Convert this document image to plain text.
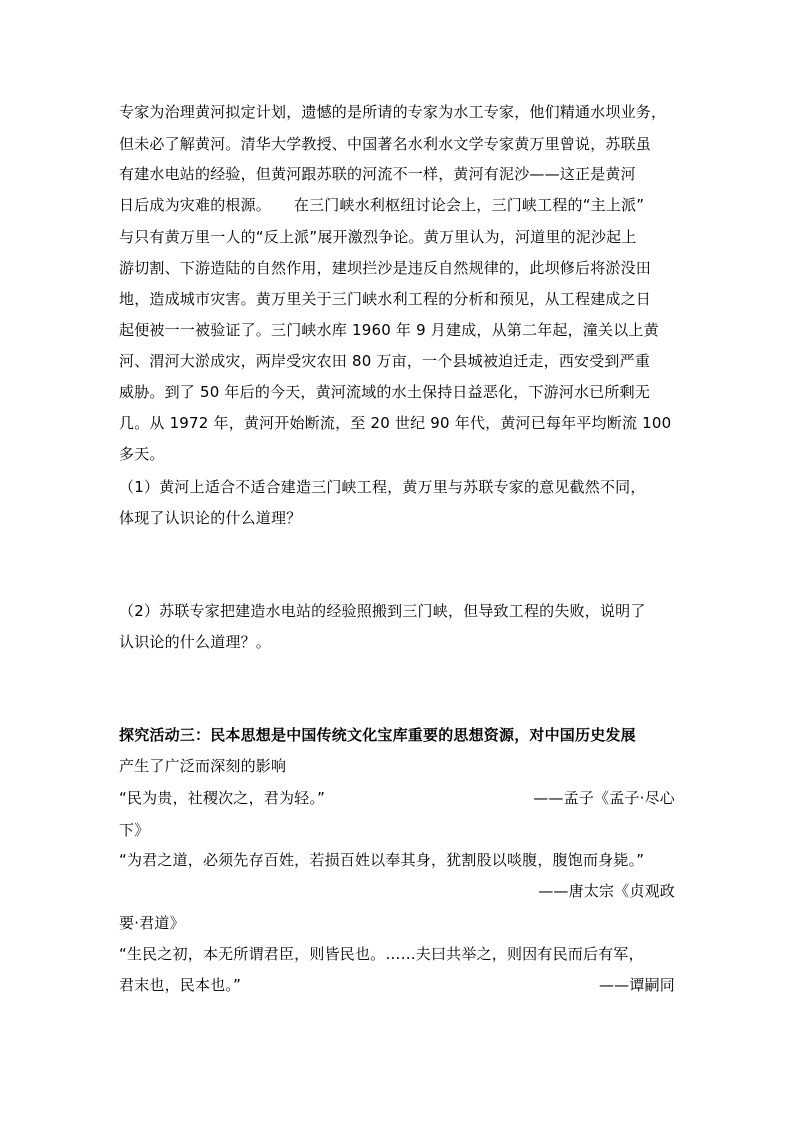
专家为治理黄河拟定计划，遗憾的是所请的专家为水工专家，他们精通水坝业务，
但未必了解黄河。清华大学教授、中国著名水利水文学专家黄万里曾说，苏联虽
有建水电站的经验，但黄河跟苏联的河流不一样，黄河有泥沙——这正是黄河
日后成为灾难的根源。　　在三门峡水利枢纽讨论会上，三门峡工程的“主上派”
与只有黄万里一人的“反上派”展开激烈争论。黄万里认为，河道里的泥沙起上
游切割、下游造陆的自然作用，建坝拦沙是违反自然规律的，此坝修后将淤没田
地，造成城市灾害。黄万里关于三门峡水利工程的分析和预见，从工程建成之日
起便被一一被验证了。三门峡水库 1960 年 9 月建成，从第二年起，潼关以上黄
河、渭河大淤成灾，两岸受灾农田 80 万亩，一个县城被迫迁走，西安受到严重
威胁。到了 50 年后的今天，黄河流域的水土保持日益恶化，下游河水已所剩无
几。从 1972 年，黄河开始断流，至 20 世纪 90 年代，黄河已每年平均断流 100
多天。
（1）黄河上适合不适合建造三门峡工程，黄万里与苏联专家的意见截然不同，
体现了认识论的什么道理？
（2）苏联专家把建造水电站的经验照搬到三门峡，但导致工程的失败，说明了
认识论的什么道理？。
探究活动三：民本思想是中国传统文化宝库重要的思想资源，对中国历史发展
产生了广泛而深刻的影响
“民为贵，社稷次之，君为轻。”	——孟子《孟子·尽心
下》
“为君之道，必须先存百姓，若损百姓以奉其身，犹割股以啖腹，腹饱而身毙。”
——唐太宗《贞观政
要·君道》
“生民之初，本无所谓君臣，则皆民也。……夫曰共举之，则因有民而后有军，
君末也，民本也。”	——谭嗣同
